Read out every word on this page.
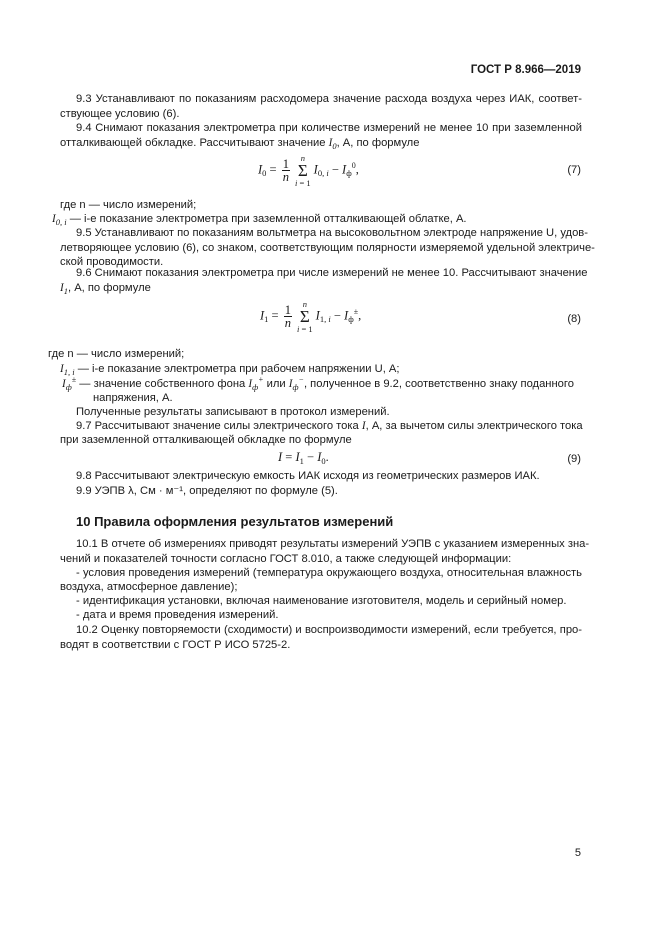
ГОСТ Р 8.966—2019
9.3 Устанавливают по показаниям расходомера значение расхода воздуха через ИАК, соответ-
ствующее условию (6).
9.4 Снимают показания электрометра при количестве измерений не менее 10 при заземленной
отталкивающей обкладке. Рассчитывают значение $I_0$, А, по формуле
$I_0 = \frac{1}{n}$	n
Σ
i = 1
$I_{0, i} - I_ф^0$,	(7)
где n — число измерений;
$I_{0, i}$ — i-е показание электрометра при заземленной отталкивающей облатке, А.
9.5 Устанавливают по показаниям вольтметра на высоковольтном электроде напряжение U, удов-
летворяющее условию (6), со знаком, соответствующим полярности измеряемой удельной электриче-
ской проводимости.
9.6 Снимают показания электрометра при числе измерений не менее 10. Рассчитывают значение
$I_1$, А, по формуле
$I_1 = \frac{1}{n}$	n
Σ
i = 1
$I_{1, i} - I_ф^\pm$,	(8)
где n — число измерений;
$I_{1, i}$ — i-е показание электрометра при рабочем напряжении U, А;
$I_ф^\pm$ — значение собственного фона $I_ф^+$ или $I_ф^-$, полученное в 9.2, соответственно знаку поданного
напряжения, А.
Полученные результаты записывают в протокол измерений.
9.7 Рассчитывают значение силы электрического тока I, А, за вычетом силы электрического тока
при заземленной отталкивающей обкладке по формуле
$I = I_1 - I_0$.	(9)
9.8 Рассчитывают электрическую емкость ИАК исходя из геометрических размеров ИАК.
9.9 УЭПВ λ, См · м⁻¹, определяют по формуле (5).
10 Правила оформления результатов измерений
10.1 В отчете об измерениях приводят результаты измерений УЭПВ с указанием измеренных зна-
чений и показателей точности согласно ГОСТ 8.010, а также следующей информации:
- условия проведения измерений (температура окружающего воздуха, относительная влажность
воздуха, атмосферное давление);
- идентификация установки, включая наименование изготовителя, модель и серийный номер.
- дата и время проведения измерений.
10.2 Оценку повторяемости (сходимости) и воспроизводимости измерений, если требуется, про-
водят в соответствии с ГОСТ Р ИСО 5725-2.
5
